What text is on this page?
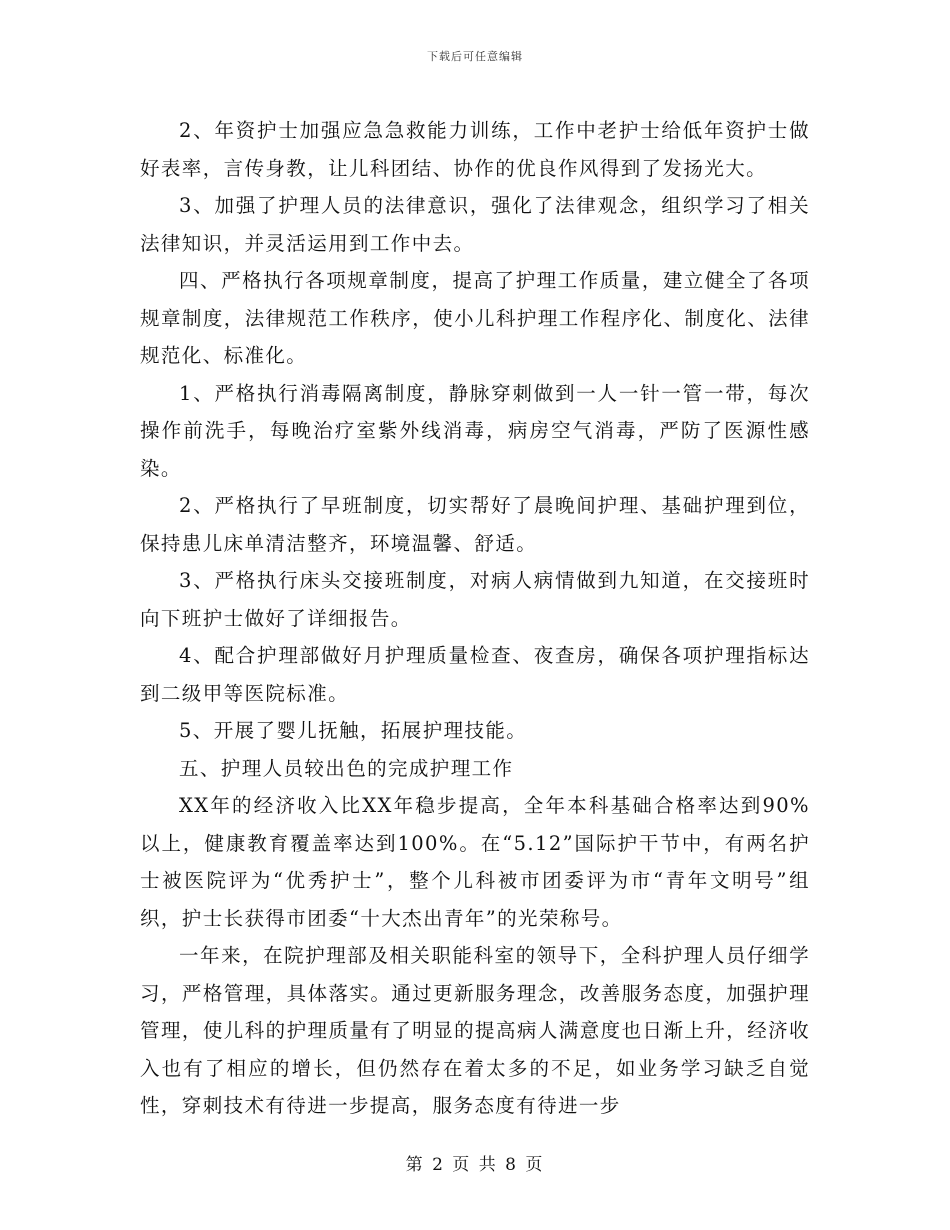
下载后可任意编辑

2、年资护士加强应急急救能力训练，工作中老护士给低年资护士做好表率，言传身教，让儿科团结、协作的优良作风得到了发扬光大。

3、加强了护理人员的法律意识，强化了法律观念，组织学习了相关法律知识，并灵活运用到工作中去。

四、严格执行各项规章制度，提高了护理工作质量，建立健全了各项规章制度，法律规范工作秩序，使小儿科护理工作程序化、制度化、法律规范化、标准化。

1、严格执行消毒隔离制度，静脉穿刺做到一人一针一管一带，每次操作前洗手，每晚治疗室紫外线消毒，病房空气消毒，严防了医源性感染。

2、严格执行了早班制度，切实帮好了晨晚间护理、基础护理到位，保持患儿床单清洁整齐，环境温馨、舒适。

3、严格执行床头交接班制度，对病人病情做到九知道，在交接班时向下班护士做好了详细报告。

4、配合护理部做好月护理质量检查、夜查房，确保各项护理指标达到二级甲等医院标准。

5、开展了婴儿抚触，拓展护理技能。

五、护理人员较出色的完成护理工作

XX年的经济收入比XX年稳步提高，全年本科基础合格率达到90%以上，健康教育覆盖率达到100%。在“5.12”国际护干节中，有两名护士被医院评为“优秀护士”，整个儿科被市团委评为市“青年文明号”组织，护士长获得市团委“十大杰出青年”的光荣称号。

一年来，在院护理部及相关职能科室的领导下，全科护理人员仔细学习，严格管理，具体落实。通过更新服务理念，改善服务态度，加强护理管理，使儿科的护理质量有了明显的提高病人满意度也日渐上升，经济收入也有了相应的增长，但仍然存在着太多的不足，如业务学习缺乏自觉性，穿刺技术有待进一步提高，服务态度有待进一步

第 2 页 共 8 页
